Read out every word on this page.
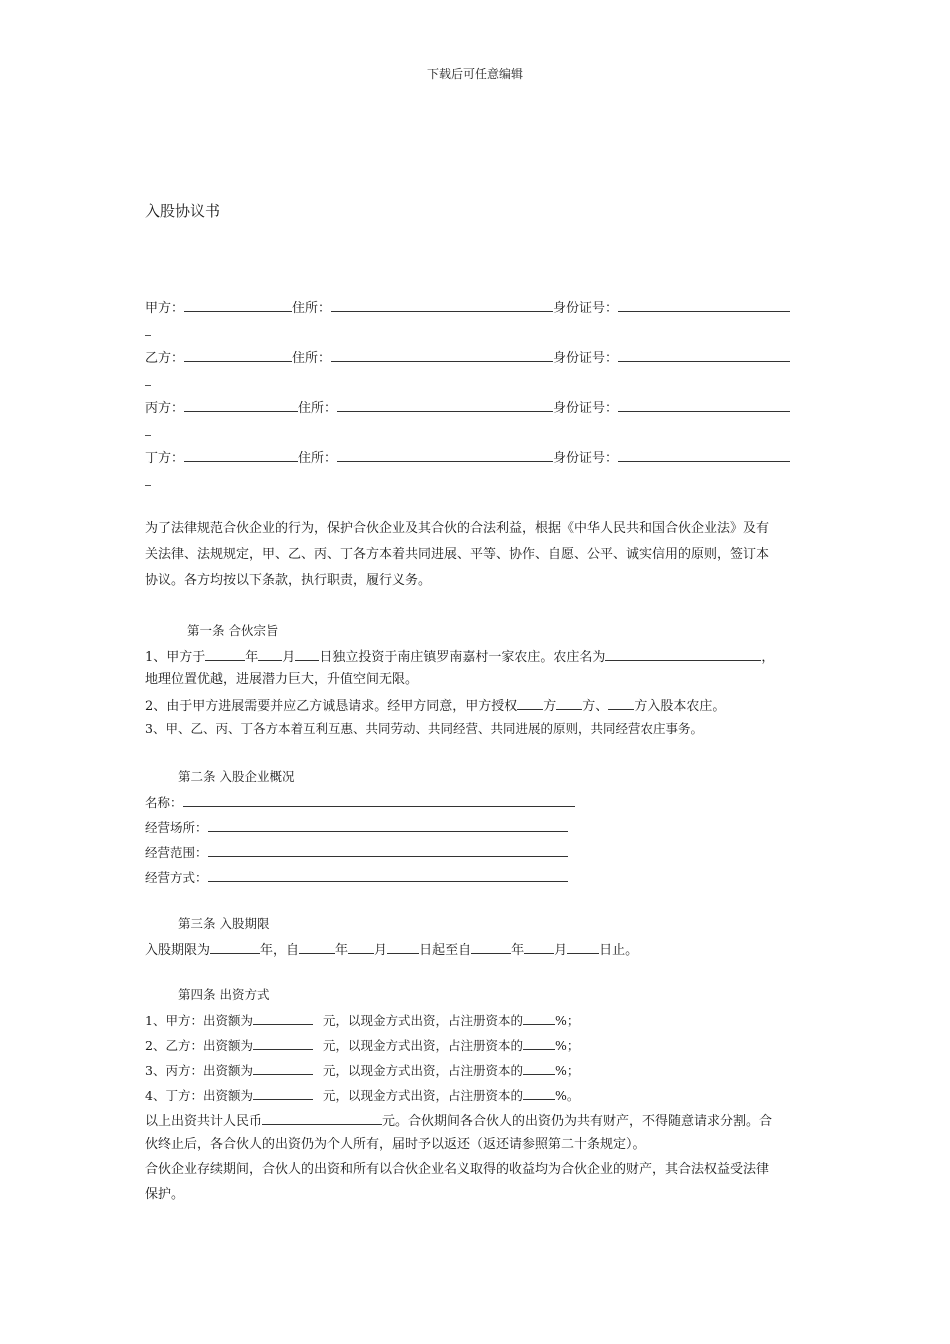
下载后可任意编辑
入股协议书
甲方：	住所：	身份证号：
乙方：	住所：	身份证号：
丙方：	住所：	身份证号：
丁方：	住所：	身份证号：
为了法律规范合伙企业的行为，保护合伙企业及其合伙的合法利益，根据《中华人民共和国合伙企业法》及有
关法律、法规规定，甲、乙、丙、丁各方本着共同进展、平等、协作、自愿、公平、诚实信用的原则，签订本
协议。各方均按以下条款，执行职责，履行义务。
第一条 合伙宗旨
1、甲方于	年 月 日独立投资于南庄镇罗南嘉村一家农庄。农庄名为	，
地理位置优越，进展潜力巨大，升值空间无限。
2、由于甲方进展需要并应乙方诚恳请求。经甲方同意，甲方授权 方 方、 方入股本农庄。
3、甲、乙、丙、丁各方本着互利互惠、共同劳动、共同经营、共同进展的原则，共同经营农庄事务。
第二条 入股企业概况
名称：
经营场所：
经营范围：
经营方式：
第三条 入股期限
入股期限为	年，自	年 月 日起至自	年 月 日止。
第四条 出资方式
1、甲方：出资额为	元，以现金方式出资，占注册资本的	%；
2、乙方：出资额为	元，以现金方式出资，占注册资本的	%；
3、丙方：出资额为	元，以现金方式出资，占注册资本的	%；
4、丁方：出资额为	元，以现金方式出资，占注册资本的	%。
以上出资共计人民币	元。合伙期间各合伙人的出资仍为共有财产，不得随意请求分割。合
伙终止后，各合伙人的出资仍为个人所有，届时予以返还（返还请参照第二十条规定）。
合伙企业存续期间，合伙人的出资和所有以合伙企业名义取得的收益均为合伙企业的财产，其合法权益受法律
保护。
